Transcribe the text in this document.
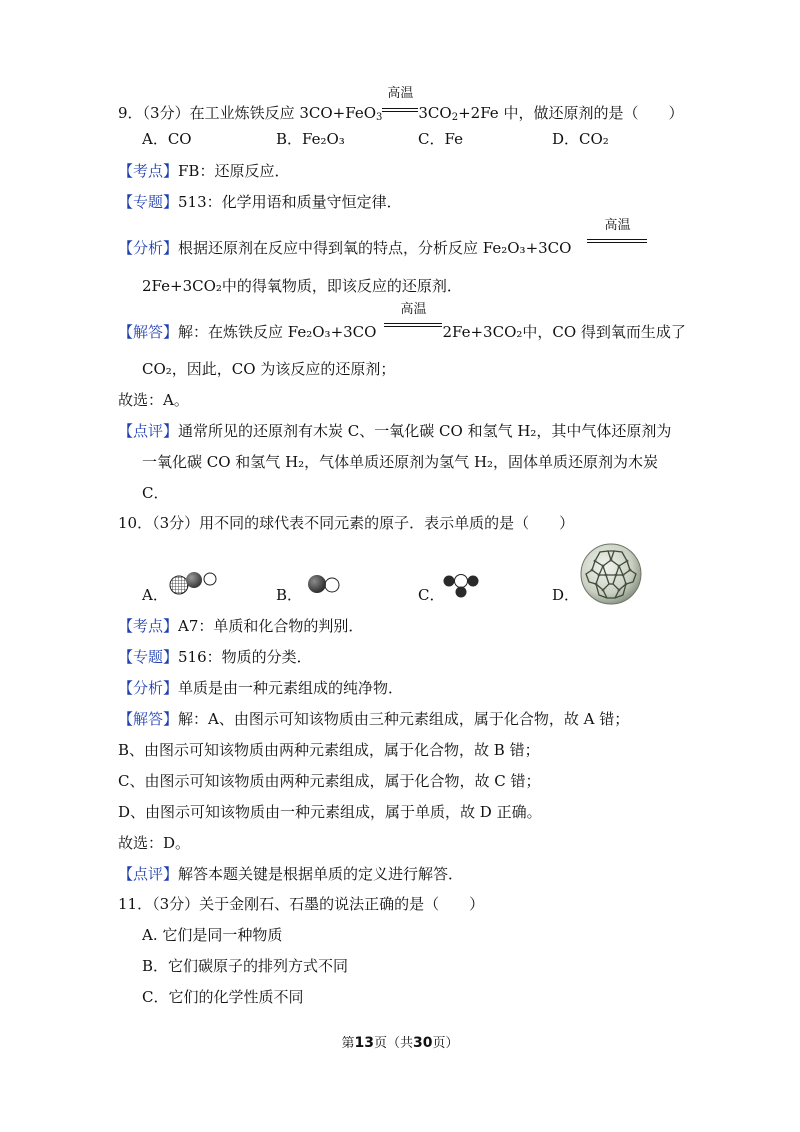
9．（3分）在工业炼铁反应 3CO+FeO$_3$
高温
$3CO_2+2Fe$ 中，做还原剂的是（　　）
A．CO	B．Fe₂O₃	C．Fe	D．CO₂
【考点】FB：还原反应．
【专题】513：化学用语和质量守恒定律．
【分析】根据还原剂在反应中得到氧的特点，分析反应 Fe₂O₃+3CO
高温
2Fe+3CO₂中的得氧物质，即该反应的还原剂．
【解答】解：在炼铁反应 Fe₂O₃+3CO
高温
2Fe+3CO₂中，CO 得到氧而生成了
CO₂，因此，CO 为该反应的还原剂；
故选：A。
【点评】通常所见的还原剂有木炭 C、一氧化碳 CO 和氢气 H₂，其中气体还原剂为
一氧化碳 CO 和氢气 H₂，气体单质还原剂为氢气 H₂，固体单质还原剂为木炭
C．
10．（3分）用不同的球代表不同元素的原子．表示单质的是（　　）
A．	B．	C．	D．
【考点】A7：单质和化合物的判别．
【专题】516：物质的分类．
【分析】单质是由一种元素组成的纯净物．
【解答】解：A、由图示可知该物质由三种元素组成，属于化合物，故 A 错；
B、由图示可知该物质由两种元素组成，属于化合物，故 B 错；
C、由图示可知该物质由两种元素组成，属于化合物，故 C 错；
D、由图示可知该物质由一种元素组成，属于单质，故 D 正确。
故选：D。
【点评】解答本题关键是根据单质的定义进行解答．
11．（3分）关于金刚石、石墨的说法正确的是（　　）
A. 它们是同一种物质
B．它们碳原子的排列方式不同
C．它们的化学性质不同
第13页（共30页）
